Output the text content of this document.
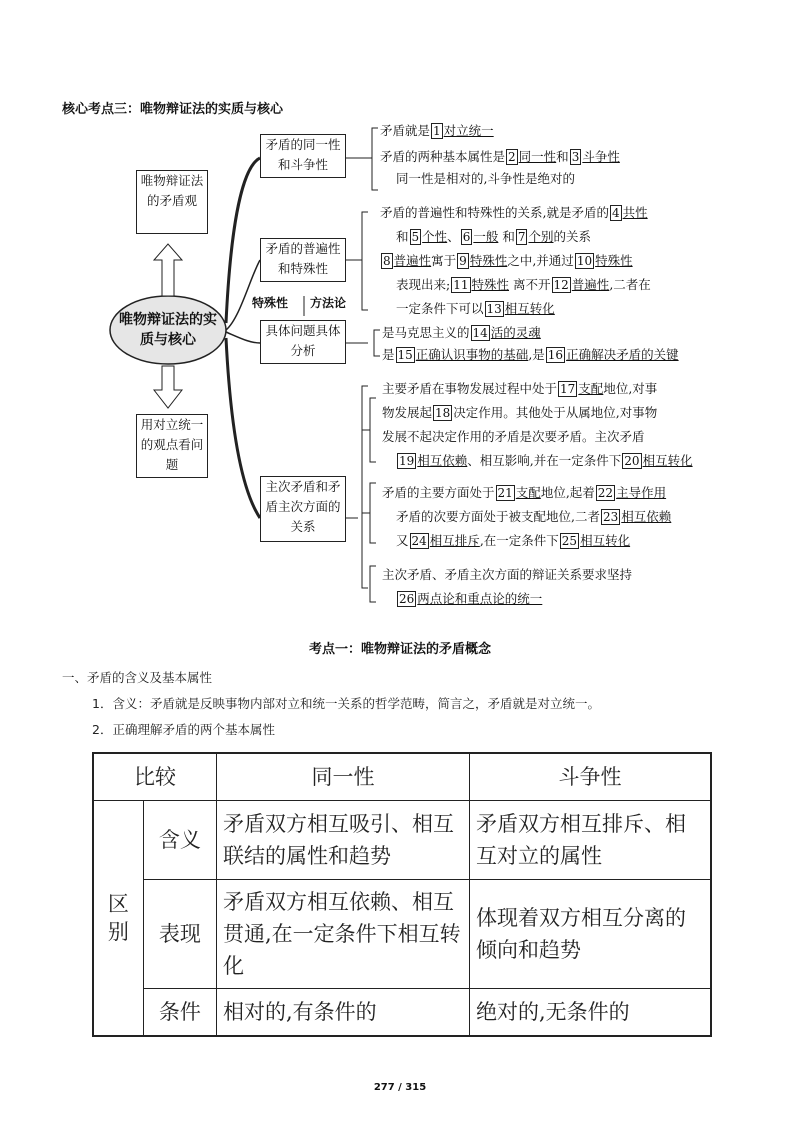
核心考点三：唯物辩证法的实质与核心
唯物辩证法的矛盾观
唯物辩证法的实质与核心
用对立统一的观点看问题
矛盾的同一性和斗争性
矛盾的普遍性和特殊性
特殊性 方法论
具体问题具体分析
主次矛盾和矛盾主次方面的关系
矛盾就是 1 对立统一
矛盾的两种基本属性是 2 同一性和 3 斗争性
同一性是相对的,斗争性是绝对的
矛盾的普遍性和特殊性的关系,就是矛盾的 4 共性
和 5 个性、 6 一般 和 7 个别的关系
8 普遍性寓于 9 特殊性之中,并通过 10 特殊性
表现出来; 11 特殊性 离不开 12 普遍性,二者在
一定条件下可以 13 相互转化
是马克思主义的 14 活的灵魂
是 15 正确认识事物的基础,是 16 正确解决矛盾的关键
主要矛盾在事物发展过程中处于 17 支配地位,对事
物发展起 18 决定作用。其他处于从属地位,对事物
发展不起决定作用的矛盾是次要矛盾。主次矛盾
19 相互依赖、相互影响,并在一定条件下 20 相互转化
矛盾的主要方面处于 21 支配地位,起着 22 主导作用
矛盾的次要方面处于被支配地位,二者 23 相互依赖
又 24 相互排斥,在一定条件下 25 相互转化
主次矛盾、矛盾主次方面的辩证关系要求坚持
26 两点论和重点论的统一
考点一：唯物辩证法的矛盾概念
一、矛盾的含义及基本属性
1．含义：矛盾就是反映事物内部对立和统一关系的哲学范畴，简言之，矛盾就是对立统一。
2．正确理解矛盾的两个基本属性
比较		同一性	斗争性
区别	含义	矛盾双方相互吸引、相互联结的属性和趋势	矛盾双方相互排斥、相互对立的属性
	表现	矛盾双方相互依赖、相互贯通,在一定条件下相互转化	体现着双方相互分离的倾向和趋势
	条件	相对的,有条件的	绝对的,无条件的
277 / 315
